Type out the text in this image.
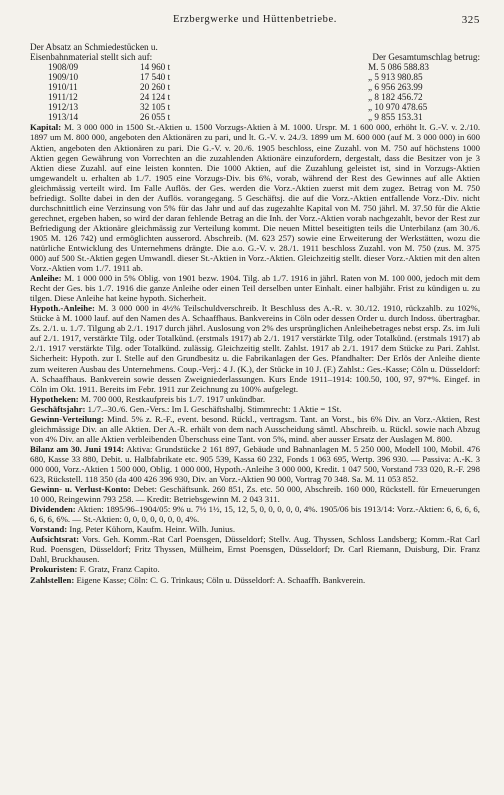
Erzbergwerke und Hüttenbetriebe.	325
Der Absatz an Schmiedestücken u.
Eisenbahnmaterial stellt sich auf:	Der Gesamtumschlag betrug:
1908/09	14 960 t	M. 5 086 588.83
1909/10	17 540 t	„ 5 913 980.85
1910/11	20 260 t	„ 6 956 263.99
1911/12	24 124 t	„ 8 182 456.72
1912/13	32 105 t	„ 10 970 478.65
1913/14	26 055 t	„ 9 855 153.31

Kapital: M. 3 000 000 in 1500 St.-Aktien u. 1500 Vorzugs-Aktien à M. 1000. Urspr. M. 1 600 000, erhöht lt. G.-V. v. 2./10. 1897 um M. 800 000, angeboten den Aktionären zu pari, und lt. G.-V. v. 24./3. 1899 um M. 600 000 (auf M. 3 000 000) in 600 Aktien, angeboten den Aktionären zu pari. Die G.-V. v. 20./6. 1905 beschloss, eine Zuzahl. von M. 750 auf höchstens 1000 Aktien gegen Gewährung von Vorrechten an die zuzahlenden Aktionäre einzufordern, dergestalt, dass die Besitzer von je 3 Aktien diese Zuzahl. auf eine leisten konnten. Die 1000 Aktien, auf die Zuzahlung geleistet ist, sind in Vorzugs-Aktien umgewandelt u. erhalten ab 1./7. 1905 eine Vorzugs-Div. bis 6%, vorab, während der Rest des Gewinnes auf alle Aktien gleichmässig verteilt wird. Im Falle Auflös. der Ges. werden die Vorz.-Aktien zuerst mit dem zugez. Betrag von M. 750 befriedigt. Sollte dabei in den der Auflös. vorangegang. 5 Geschäftsj. die auf die Vorz.-Aktien entfallende Vorz.-Div. nicht durchschnittlich eine Verzinsung von 5% für das Jahr und auf das zugezahlte Kapital von M. 750 jährl. M. 37.50 für die Aktie gerechnet, ergeben haben, so wird der daran fehlende Betrag an die Inh. der Vorz.-Aktien vorab nachgezahlt, bevor der Rest zur Befriedigung der Aktionäre gleichmässig zur Verteilung kommt. Die neuen Mittel beseitigten teils die Unterbilanz (am 30./6. 1905 M. 126 742) und ermöglichten ausserord. Abschreib. (M. 623 257) sowie eine Erweiterung der Werkstätten, wozu die natürliche Entwicklung des Unternehmens drängte. Die a.o. G.-V. v. 28./1. 1911 beschloss Zuzahl. von M. 750 (zus. M. 375 000) auf 500 St.-Aktien gegen Umwandl. dieser St.-Aktien in Vorz.-Aktien. Gleichzeitig stellt. dieser Vorz.-Aktien mit den alten Vorz.-Aktien vom 1./7. 1911 ab.

Anleihe: M. 1 000 000 in 5% Oblig. von 1901 bezw. 1904. Tilg. ab 1./7. 1916 in jährl. Raten von M. 100 000, jedoch mit dem Recht der Ges. bis 1./7. 1916 die ganze Anleihe oder einen Teil derselben unter Einhalt. einer halbjähr. Frist zu kündigen u. zu tilgen. Diese Anleihe hat keine hypoth. Sicherheit.

Hypoth.-Anleihe: M. 3 000 000 in 4½% Teilschuldverschreib. It Beschluss des A.-R. v. 30./12. 1910, rückzahlb. zu 102%, Stücke à M. 1000 lauf. auf den Namen des A. Schaaffhaus. Bankvereins in Cöln oder dessen Order u. durch Indoss. übertragbar. Zs. 2./1. u. 1./7. Tilgung ab 2./1. 1917 durch jährl. Auslosung von 2% des ursprünglichen Anleihebetrages nebst ersp. Zs. im Juli auf 2./1. 1917, verstärkte Tilg. oder Totalkünd. (erstmals 1917) ab 2./1. 1917 verstärkte Tilg. oder Totalkünd. (erstmals 1917) ab 2./1. 1917 verstärkte Tilg. oder Totalkünd. zulässig. Gleichzeitig stellt. Zahlst. 1917 ab 2./1. 1917 dem Stücke zu Pari. Zahlst. Sicherheit: Hypoth. zur I. Stelle auf den Grundbesitz u. die Fabrikanlagen der Ges. Pfandhalter: Der Erlös der Anleihe diente zum weiteren Ausbau des Unternehmens. Coup.-Verj.: 4 J. (K.), der Stücke in 10 J. (F.) Zahlst.: Ges.-Kasse; Cöln u. Düsseldorf: A. Schaaffhaus. Bankverein sowie dessen Zweigniederlassungen. Kurs Ende 1911–1914: 100.50, 100, 97, 97*%. Eingef. in Cöln im Okt. 1911. Bereits im Febr. 1911 zur Zeichnung zu 100% aufgelegt.

Hypotheken: M. 700 000, Restkaufpreis bis 1./7. 1917 unkündbar.

Geschäftsjahr: 1./7.–30./6. Gen.-Vers.: Im I. Geschäftshalbj. Stimmrecht: 1 Aktie = 1St.

Gewinn-Verteilung: Mind. 5% z. R.-F., event. besond. Rückl., vertragsm. Tant. an Vorst., bis 6% Div. an Vorz.-Aktien, Rest gleichmässige Div. an alle Aktien. Der A.-R. erhält von dem nach Ausscheidung sämtl. Abschreib. u. Rückl. sowie nach Abzug von 4% Div. an alle Aktien verbleibenden Überschuss eine Tant. von 5%, mind. aber ausser Ersatz der Auslagen M. 800.

Bilanz am 30. Juni 1914: Aktiva: Grundstücke 2 161 897, Gebäude und Bahnanlagen M. 5 250 000, Modell 100, Mobil. 476 680, Kasse 33 880, Debit. u. Halbfabrikate etc. 905 539, Kassa 60 232, Fonds 1 063 695, Wertp. 396 930. — Passiva: A.-K. 3 000 000, Vorz.-Aktien 1 500 000, Oblig. 1 000 000, Hypoth.-Anleihe 3 000 000, Kredit. 1 047 500, Vorstand 733 020, R.-F. 298 623, Rückstell. 118 350 (da 400 426 396 930, Div. an Vorz.-Aktien 90 000, Vortrag 70 348. Sa. M. 11 053 852.

Gewinn- u. Verlust-Konto: Debet: Geschäftsunk. 260 851, Zs. etc. 50 000, Abschreib. 160 000, Rückstell. für Erneuerungen 10 000, Reingewinn 793 258. — Kredit: Betriebsgewinn M. 2 043 311.

Dividenden: Aktien: 1895/96–1904/05: 9% u. 7½ 1½, 15, 12, 5, 0, 0, 0, 0, 0, 4%. 1905/06 bis 1913/14: Vorz.-Aktien: 6, 6, 6, 6, 6, 6, 6, 6%. — St.-Aktien: 0, 0, 0, 0, 0, 0, 0, 4%.

Vorstand: Ing. Peter Kühorn, Kaufm. Heinr. Wilh. Junius.

Aufsichtsrat: Vors. Geh. Komm.-Rat Carl Poensgen, Düsseldorf; Stellv. Aug. Thyssen, Schloss Landsberg; Komm.-Rat Carl Rud. Poensgen, Düsseldorf; Fritz Thyssen, Mülheim, Ernst Poensgen, Düsseldorf; Dr. Carl Riemann, Duisburg, Dir. Franz Dahl, Bruckhausen.

Prokuristen: F. Gratz, Franz Capito.

Zahlstellen: Eigene Kasse; Cöln: C. G. Trinkaus; Cöln u. Düsseldorf: A. Schaaffh. Bankverein.
